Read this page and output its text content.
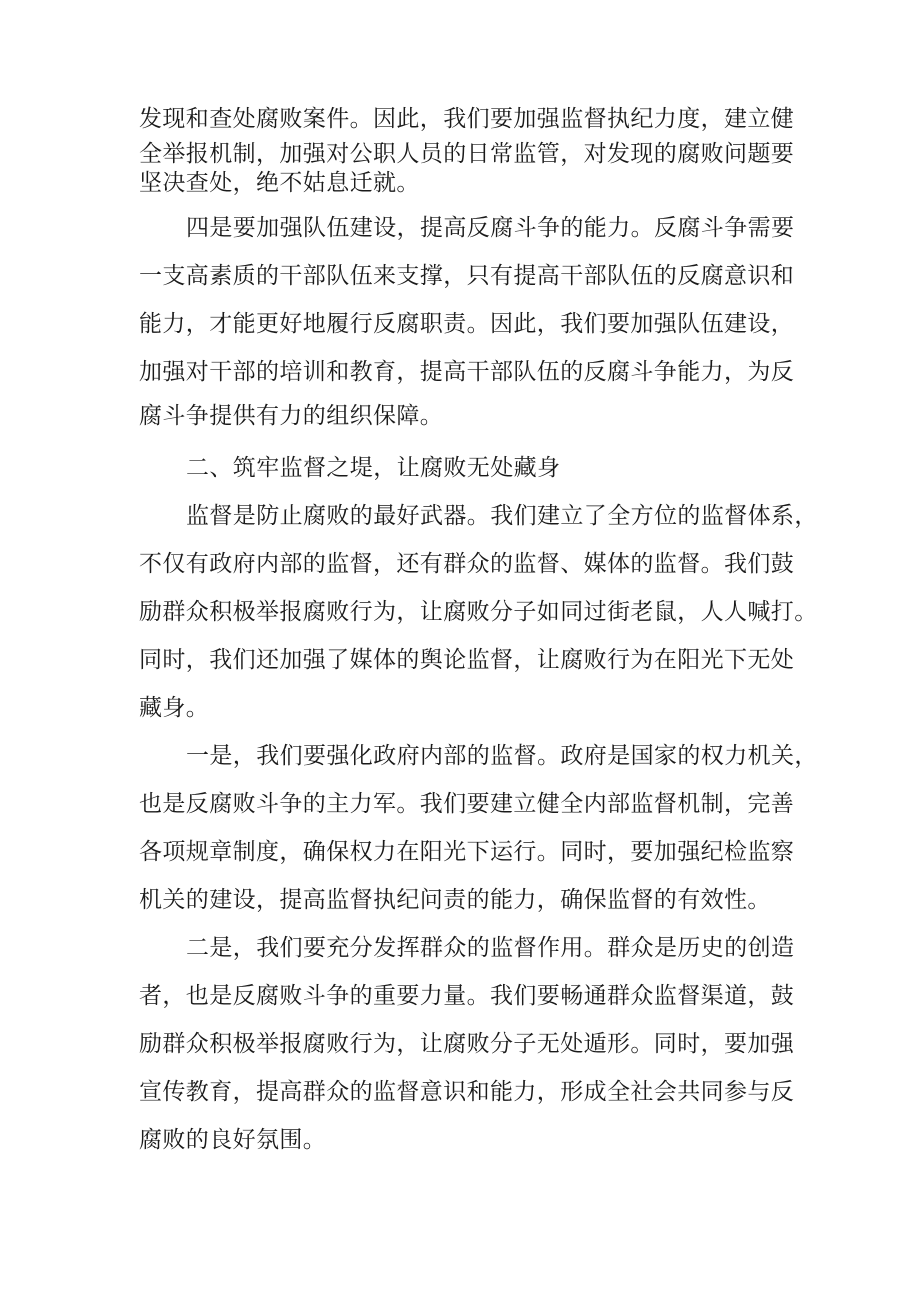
发现和查处腐败案件。因此，我们要加强监督执纪力度，建立健
全举报机制，加强对公职人员的日常监管，对发现的腐败问题要
坚决查处，绝不姑息迁就。
四是要加强队伍建设，提高反腐斗争的能力。反腐斗争需要
一支高素质的干部队伍来支撑，只有提高干部队伍的反腐意识和
能力，才能更好地履行反腐职责。因此，我们要加强队伍建设，
加强对干部的培训和教育，提高干部队伍的反腐斗争能力，为反
腐斗争提供有力的组织保障。
二、筑牢监督之堤，让腐败无处藏身
监督是防止腐败的最好武器。我们建立了全方位的监督体系，
不仅有政府内部的监督，还有群众的监督、媒体的监督。我们鼓
励群众积极举报腐败行为，让腐败分子如同过街老鼠，人人喊打。
同时，我们还加强了媒体的舆论监督，让腐败行为在阳光下无处
藏身。
一是，我们要强化政府内部的监督。政府是国家的权力机关，
也是反腐败斗争的主力军。我们要建立健全内部监督机制，完善
各项规章制度，确保权力在阳光下运行。同时，要加强纪检监察
机关的建设，提高监督执纪问责的能力，确保监督的有效性。
二是，我们要充分发挥群众的监督作用。群众是历史的创造
者，也是反腐败斗争的重要力量。我们要畅通群众监督渠道，鼓
励群众积极举报腐败行为，让腐败分子无处遁形。同时，要加强
宣传教育，提高群众的监督意识和能力，形成全社会共同参与反
腐败的良好氛围。
